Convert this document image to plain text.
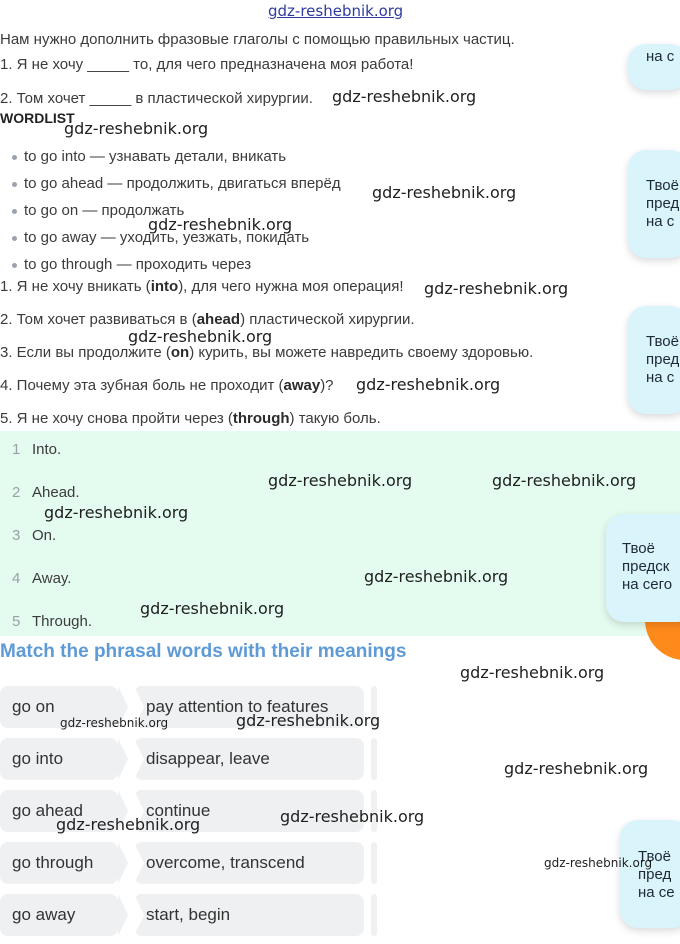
gdz-reshebnik.org
Нам нужно дополнить фразовые глаголы с помощью правильных частиц.
1. Я не хочу _____ то, для чего предназначена моя работа!
2. Том хочет _____ в пластической хирургии.
WORDLIST
to go into — узнавать детали, вникать
to go ahead — продолжить, двигаться вперёд
to go on — продолжать
to go away — уходить, уезжать, покидать
to go through — проходить через
1. Я не хочу вникать (into), для чего нужна моя операция!
2. Том хочет развиваться в (ahead) пластической хирургии.
3. Если вы продолжите (on) курить, вы можете навредить своему здоровью.
4. Почему эта зубная боль не проходит (away)?
5. Я не хочу снова пройти через (through) такую боль.
1 Into.
2 Ahead.
3 On.
4 Away.
5 Through.
на с
Твоё
пред
на с
Твоё
пред
на с
Твоё
предск
на сего
Твоё
пред
на се
Match the phrasal words with their meanings
go on	pay attention to features
go into	disappear, leave
go ahead	continue
go through	overcome, transcend
go away	start, begin
gdz-reshebnik.org
gdz-reshebnik.org
gdz-reshebnik.org
gdz-reshebnik.org
gdz-reshebnik.org
gdz-reshebnik.org
gdz-reshebnik.org
gdz-reshebnik.org	gdz-reshebnik.org
gdz-reshebnik.org
gdz-reshebnik.org
gdz-reshebnik.org
gdz-reshebnik.org
gdz-reshebnik.org	gdz-reshebnik.org
gdz-reshebnik.org
gdz-reshebnik.org
gdz-reshebnik.org
gdz-reshebnik.org
